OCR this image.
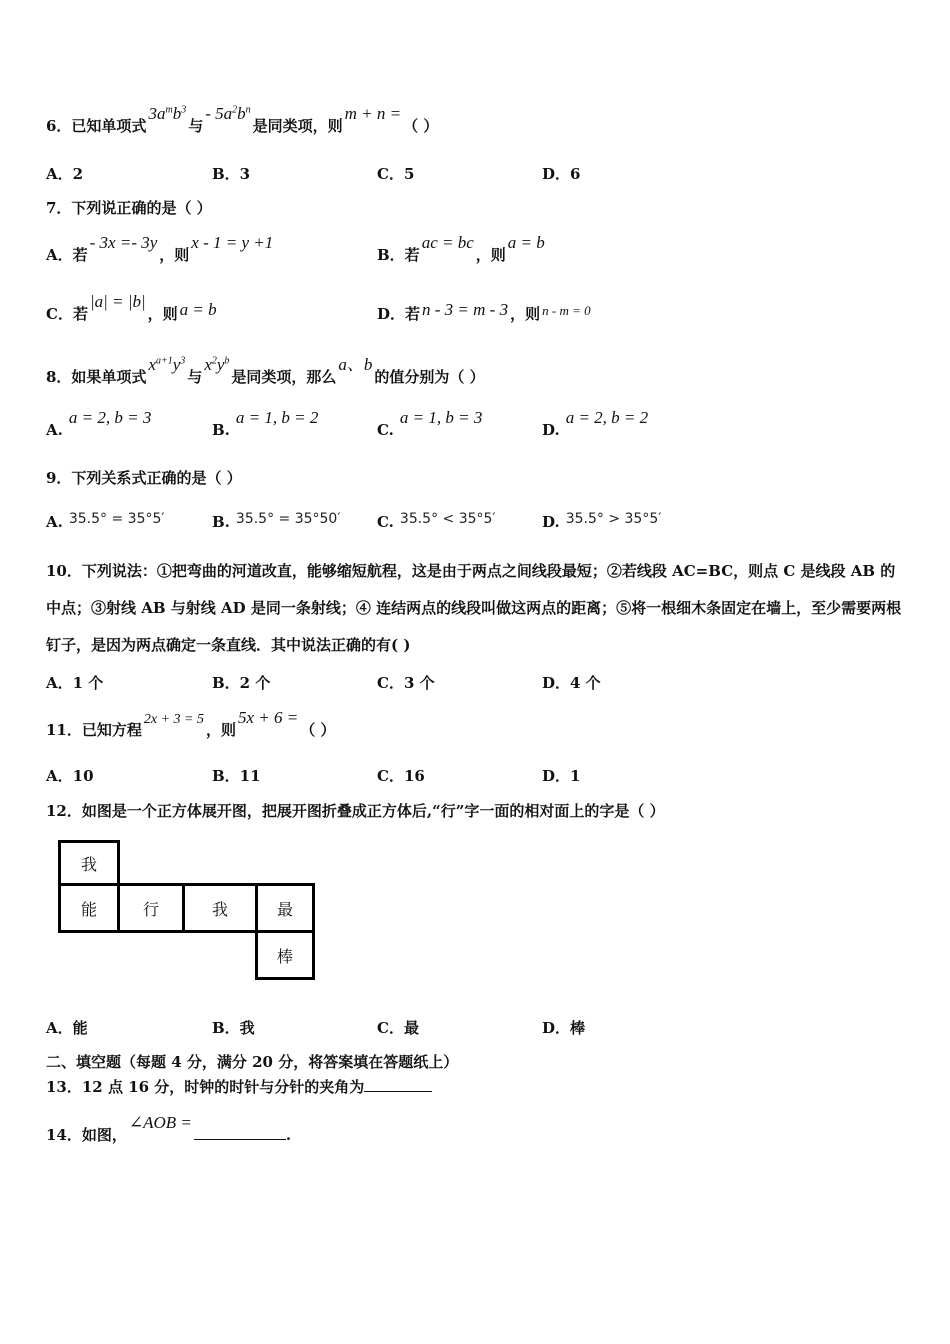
6．已知单项式$3a^mb^3$与- $5a^2b^n$是同类项，则m + n =（ ）
A．2	B．3	C．5	D．6
7．下列说正确的是（ ）
A．若- 3x =- 3y，则x - 1 = y +1
B．若ac = bc，则a = b
C．若|a| = |b|，则 a = b	D．若 n - 3 = m - 3 ，则 n - m = 0
8．如果单项式$x^{a+1}y^3$与$x^2y^b$是同类项，那么a、b的值分别为（ ）
A.a = 2, b = 3
B.a = 1, b = 2
C.a = 1, b = 3
D.a = 2, b = 2
9．下列关系式正确的是（ ）
A. 35.5° = 35°5′	B. 35.5° = 35°50′ C. 35.5° < 35°5′	D. 35.5° > 35°5′
10．下列说法：①把弯曲的河道改直，能够缩短航程，这是由于两点之间线段最短；②若线段 AC=BC，则点 C 是线段 AB 的中点；③射线 AB 与射线 AD 是同一条射线；④ 连结两点的线段叫做这两点的距离；⑤将一根细木条固定在墙上，至少需要两根钉子，是因为两点确定一条直线．其中说法正确的有( )
A．1 个	B．2 个	C．3 个	D．4 个
11．已知方程2x + 3 = 5，则5x + 6 =（ ）
A．10	B．11	C．16	D．1
12．如图是一个正方体展开图，把展开图折叠成正方体后,“行”字一面的相对面上的字是（ ）
我
能	行	我	最
棒
A．能	B．我	C．最	D．棒
二、填空题（每题 4 分，满分 20 分，将答案填在答题纸上）
13．12 点 16 分，时钟的时针与分针的夹角为
14．如图，∠AOB =.
